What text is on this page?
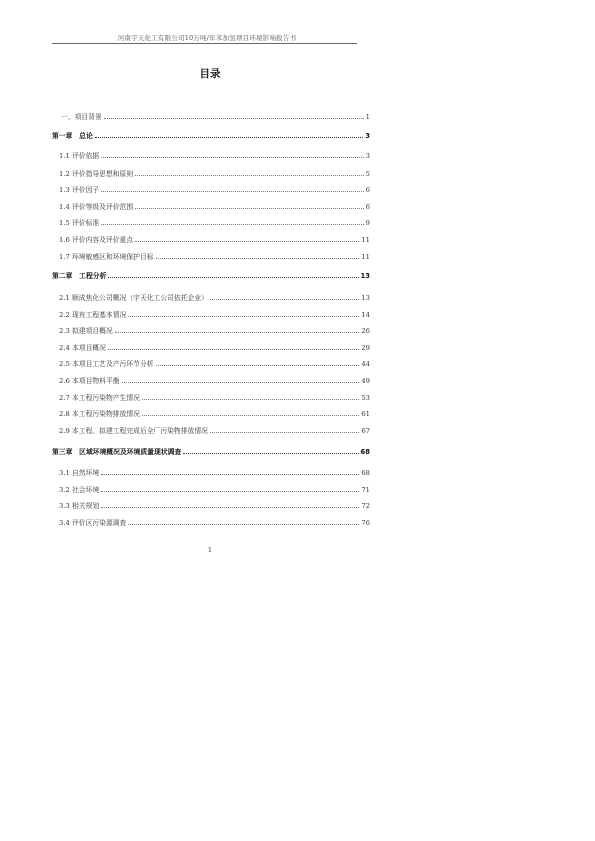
河南宇天化工有限公司10万吨/年苯加氢项目环境影响报告书
目录
一、项目背景	1
第一章　总论	3
1.1 评价依据	3
1.2 评价指导思想和原则	5
1.3 评价因子	6
1.4 评价等级及评价范围	6
1.5 评价标准	9
1.6 评价内容及评价重点	11
1.7 环境敏感区和环境保护目标	11
第二章　工程分析	13
2.1 顺成焦化公司概况（宇天化工公司依托企业）	13
2.2 现有工程基本情况	14
2.3 拟建项目概况	26
2.4 本项目概况	29
2.5 本项目工艺及产污环节分析	44
2.6 本项目物料平衡	49
2.7 本工程污染物产生情况	53
2.8 本工程污染物排放情况	61
2.9 本工程、拟建工程完成后全厂污染物排放情况	67
第三章　区域环境概况及环境质量现状调查	68
3.1 自然环境	68
3.2 社会环境	71
3.3 相关规划	72
3.4 评价区污染源调查	76
1
